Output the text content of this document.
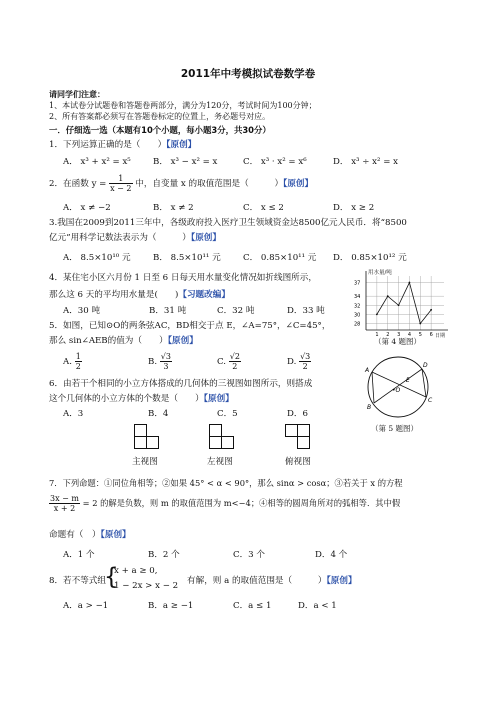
2011年中考模拟试卷数学卷
请同学们注意：
1、本试卷分试题卷和答题卷两部分，满分为120分，考试时间为100分钟；
2、所有答案都必须写在答题卷标定的位置上，务必题号对应。
一．仔细选一选（本题有10个小题，每小题3分，共30分）
1．下列运算正确的是（　　）【原创】
A． x³ + x² = x⁵	B． x³ − x² = x	C． x³ · x² = x⁶	D． x³ ÷ x² = x
2．在函数 $y = \frac{1}{x - 2}$ 中，自变量 x 的取值范围是（　　　）【原创】
A． x ≠ −2	B． x ≠ 2	C． x ≤ 2	D． x ≥ 2
3.我国在2009到2011三年中，各级政府投入医疗卫生领域资金达8500亿元人民币．将“8500
亿元”用科学记数法表示为（　　　）【原创】
A． 8.5×10¹⁰ 元	B． 8.5×10¹¹ 元	C． 0.85×10¹¹ 元 D． 0.85×10¹² 元
4．某住宅小区六月份 1 日至 6 日每天用水量变化情况如折线图所示，
那么这 6 天的平均用水量是(　　)【习题改编】
A．30 吨	B．31 吨	C．32 吨	D．33 吨
5．如图，已知⊙O的两条弦AC，BD相交于点 E，∠A=75°，∠C=45°，
那么 sin∠AEB的值为（　　）【原创】
A. $\frac{1}{2}$	B. $\frac{√3}{3}$	C. $\frac{√2}{2}$	D. $\frac{√3}{2}$
6．由若干个相同的小立方体搭成的几何体的三视图如图所示，则搭成
这个几何体的小立方体的个数是（　　）【原创】
A．3	B．4	C．5	D．6
主视图	左视图	俯视图
7．下列命题：①同位角相等；②如果 45° < α < 90°，那么 sinα > cosα；③若关于 x 的方程
$\frac{3x - m}{x + 2} = 2$ 的解是负数，则 m 的取值范围为 m<−4；④相等的圆周角所对的弧相等．其中假
命题有（　）【原创】
A．1 个	B．2 个	C．3 个	D．4 个
8．若不等式组
{
x + a ≥ 0,
1 − 2x > x − 2 有解，则 a 的取值范围是（　　　）【原创】
A．a > −1	B．a ≥ −1	C．a ≤ 1	D．a < 1
用水量/吨
日期
28
30
32
34
37
1 2 3 4 5 6
（第 4 题图）
A
B
C
D
E
•O
（第 5 题图）
